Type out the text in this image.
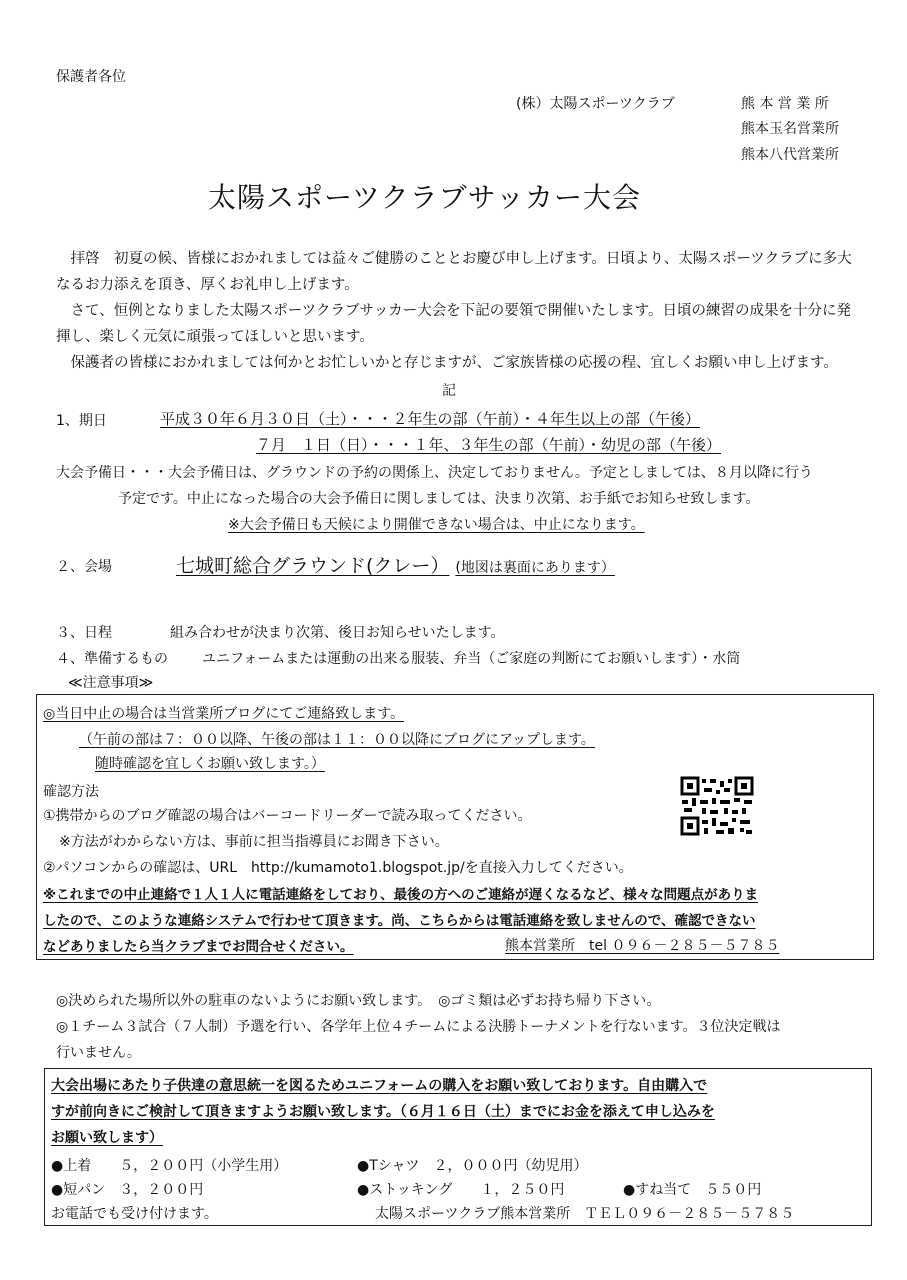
保護者各位
(株）太陽スポーツクラブ	熊 本 営 業 所
熊本玉名営業所
熊本八代営業所
太陽スポーツクラブサッカー大会
　拝啓　初夏の候、皆様におかれましては益々ご健勝のこととお慶び申し上げます。日頃より、太陽スポーツクラブに多大なるお力添えを頂き、厚くお礼申し上げます。
　さて、恒例となりました太陽スポーツクラブサッカー大会を下記の要領で開催いたします。日頃の練習の成果を十分に発揮し、楽しく元気に頑張ってほしいと思います。
　保護者の皆様におかれましては何かとお忙しいかと存じますが、ご家族皆様の応援の程、宜しくお願い申し上げます。
記
1、期日	平成３０年６月３０日（土）・・・２年生の部（午前）・４年生以上の部（午後）
７月　１日（日）・・・１年、３年生の部（午前）・幼児の部（午後）
大会予備日・・・大会予備日は、グラウンドの予約の関係上、決定しておりません。予定としましては、８月以降に行う
予定です。中止になった場合の大会予備日に関しましては、決まり次第、お手紙でお知らせ致します。
※大会予備日も天候により開催できない場合は、中止になります。
２、会場	七城町総合グラウンド(クレー） (地図は裏面にあります）
３、日程	組み合わせが決まり次第、後日お知らせいたします。
４、準備するもの ユニフォームまたは運動の出来る服装、弁当（ご家庭の判断にてお願いします）・水筒
≪注意事項≫
◎当日中止の場合は当営業所ブログにてご連絡致します。
（午前の部は７：００以降、午後の部は１１：００以降にブログにアップします。
随時確認を宜しくお願い致します。）
確認方法
①携帯からのブログ確認の場合はバーコードリーダーで読み取ってください。
※方法がわからない方は、事前に担当指導員にお聞き下さい。
②パソコンからの確認は、URL　http://kumamoto1.blogspot.jp/を直接入力してください。
※これまでの中止連絡で１人１人に電話連絡をしており、最後の方へのご連絡が遅くなるなど、様々な問題点がありま
したので、このような連絡システムで行わせて頂きます。尚、こちらからは電話連絡を致しませんので、確認できない
などありましたら当クラブまでお問合せください。	熊本営業所　tel ０９６－２８５－５７８５
◎決められた場所以外の駐車のないようにお願い致します。　◎ゴミ類は必ずお持ち帰り下さい。
◎１チーム３試合（７人制）予選を行い、各学年上位４チームによる決勝トーナメントを行ないます。３位決定戦は
行いません。
大会出場にあたり子供達の意思統一を図るためユニフォームの購入をお願い致しております。自由購入で
すが前向きにご検討して頂きますようお願い致します。（６月１６日（土）までにお金を添えて申し込みを
お願い致します）
●上着　　５，２００円（小学生用）	●Tシャツ　２，０００円（幼児用）
●短パン　３，２００円	●ストッキング　　１，２５０円	●すね当て　５５０円
お電話でも受け付けます。	太陽スポーツクラブ熊本営業所　ＴＥＬ０９６－２８５－５７８５
